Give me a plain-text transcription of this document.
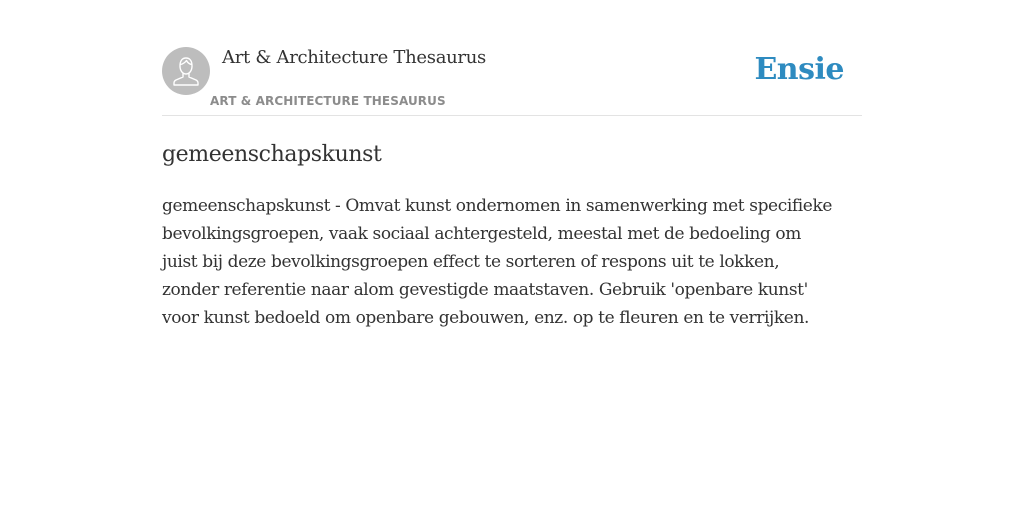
Art & Architecture Thesaurus
ART & ARCHITECTURE THESAURUS
Ensie
gemeenschapskunst

gemeenschapskunst - Omvat kunst ondernomen in samenwerking met specifieke
bevolkingsgroepen, vaak sociaal achtergesteld, meestal met de bedoeling om
juist bij deze bevolkingsgroepen effect te sorteren of respons uit te lokken,
zonder referentie naar alom gevestigde maatstaven. Gebruik 'openbare kunst'
voor kunst bedoeld om openbare gebouwen, enz. op te fleuren en te verrijken.
